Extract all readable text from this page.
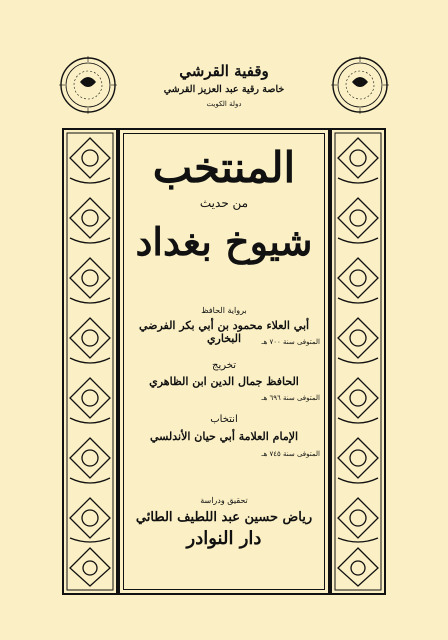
وقفية القرشي
خاصة رقية عبد العزيز القرشي
دولة الكويت
المنتخب
من حديث
شيوخ بغداد
برواية الحافظ
أبي العلاء محمود بن أبي بكر الفرضي البخاري	المتوفى سنة ٧٠٠ هـ
تخريج
الحافظ جمال الدين ابن الظاهري
المتوفى سنة ٦٩٦ هـ
انتخاب
الإمام العلامة أبي حيان الأندلسي
المتوفى سنة ٧٤٥ هـ
تحقيق ودراسة
رياض حسين عبد اللطيف الطائي
دار النوادر
